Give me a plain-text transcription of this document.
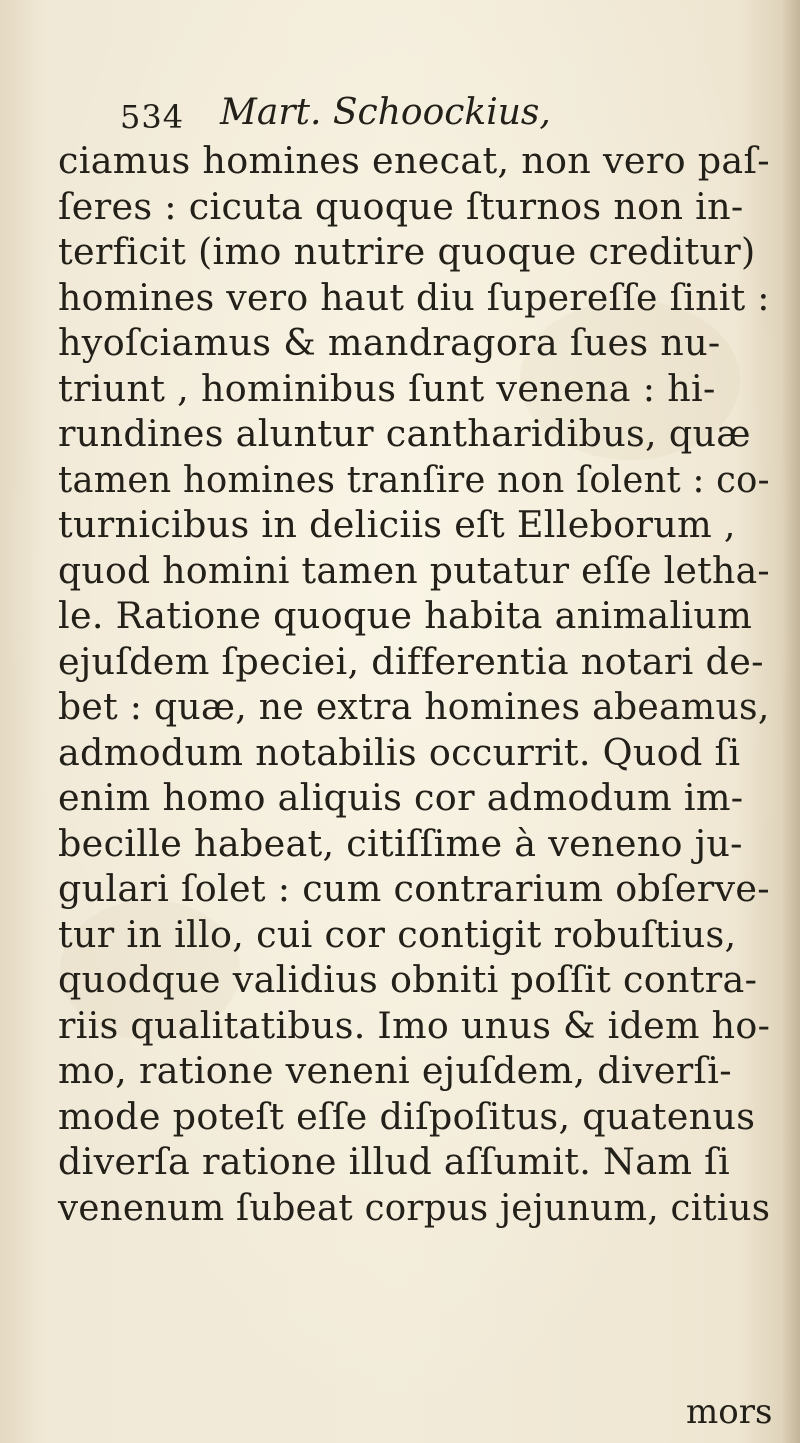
534 Mart. Schoockius,
ciamus homines enecat, non vero paſ-
ſeres : cicuta quoque ſturnos non in-
terficit (imo nutrire quoque creditur)
homines vero haut diu ſupereſſe ſinit :
hyoſciamus & mandragora ſues nu-
triunt , hominibus ſunt venena : hi-
rundines aluntur cantharidibus, quæ
tamen homines tranſire non ſolent : co-
turnicibus in deliciis eſt Elleborum ,
quod homini tamen putatur eſſe letha-
le. Ratione quoque habita animalium
ejuſdem ſpeciei, differentia notari de-
bet : quæ, ne extra homines abeamus,
admodum notabilis occurrit. Quod ſi
enim homo aliquis cor admodum im-
becille habeat, citiſſime à veneno ju-
gulari ſolet : cum contrarium obſerve-
tur in illo, cui cor contigit robuſtius,
quodque validius obniti poſſit contra-
riis qualitatibus. Imo unus & idem ho-
mo, ratione veneni ejuſdem, diverſi-
mode poteſt eſſe diſpoſitus, quatenus
diverſa ratione illud aſſumit. Nam ſi
venenum ſubeat corpus jejunum, citius
mors
